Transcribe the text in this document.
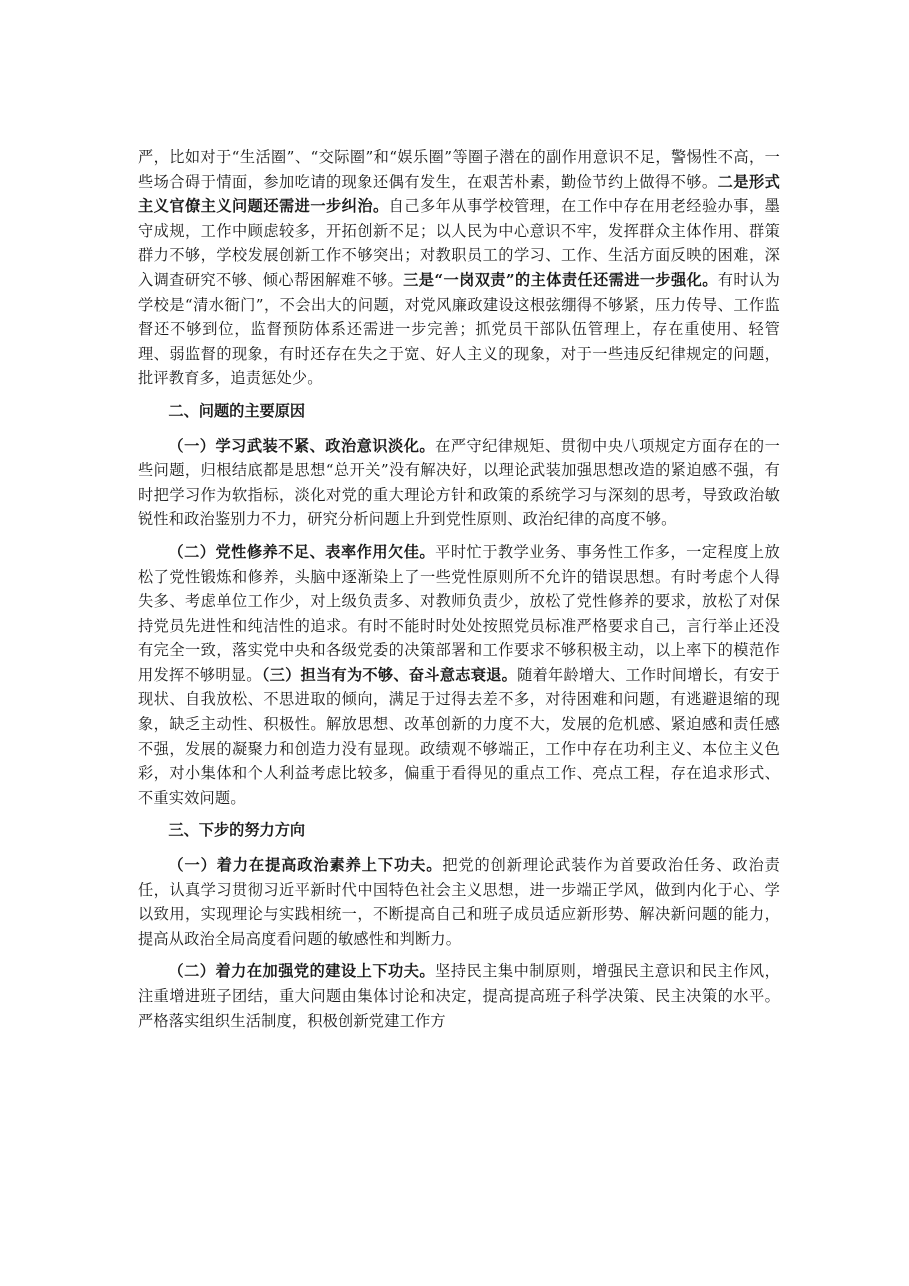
严，比如对于“生活圈”、“交际圈”和“娱乐圈”等圈子潜在的副作用意识不足，警惕性不高，一些场合碍于情面，参加吃请的现象还偶有发生，在艰苦朴素，勤俭节约上做得不够。二是形式主义官僚主义问题还需进一步纠治。自己多年从事学校管理，在工作中存在用老经验办事，墨守成规，工作中顾虑较多，开拓创新不足；以人民为中心意识不牢，发挥群众主体作用、群策群力不够，学校发展创新工作不够突出；对教职员工的学习、工作、生活方面反映的困难，深入调查研究不够、倾心帮困解难不够。三是“一岗双责”的主体责任还需进一步强化。有时认为学校是“清水衙门”，不会出大的问题，对党风廉政建设这根弦绷得不够紧，压力传导、工作监督还不够到位，监督预防体系还需进一步完善；抓党员干部队伍管理上，存在重使用、轻管理、弱监督的现象，有时还存在失之于宽、好人主义的现象，对于一些违反纪律规定的问题，批评教育多，追责惩处少。

二、问题的主要原因

（一）学习武装不紧、政治意识淡化。在严守纪律规矩、贯彻中央八项规定方面存在的一些问题，归根结底都是思想“总开关”没有解决好，以理论武装加强思想改造的紧迫感不强，有时把学习作为软指标，淡化对党的重大理论方针和政策的系统学习与深刻的思考，导致政治敏锐性和政治鉴别力不力，研究分析问题上升到党性原则、政治纪律的高度不够。

（二）党性修养不足、表率作用欠佳。平时忙于教学业务、事务性工作多，一定程度上放松了党性锻炼和修养，头脑中逐渐染上了一些党性原则所不允许的错误思想。有时考虑个人得失多、考虑单位工作少，对上级负责多、对教师负责少，放松了党性修养的要求，放松了对保持党员先进性和纯洁性的追求。有时不能时时处处按照党员标准严格要求自己，言行举止还没有完全一致，落实党中央和各级党委的决策部署和工作要求不够积极主动，以上率下的模范作用发挥不够明显。（三）担当有为不够、奋斗意志衰退。随着年龄增大、工作时间增长，有安于现状、自我放松、不思进取的倾向，满足于过得去差不多，对待困难和问题，有逃避退缩的现象，缺乏主动性、积极性。解放思想、改革创新的力度不大，发展的危机感、紧迫感和责任感不强，发展的凝聚力和创造力没有显现。政绩观不够端正，工作中存在功利主义、本位主义色彩，对小集体和个人利益考虑比较多，偏重于看得见的重点工作、亮点工程，存在追求形式、不重实效问题。

三、下步的努力方向

（一）着力在提高政治素养上下功夫。把党的创新理论武装作为首要政治任务、政治责任，认真学习贯彻习近平新时代中国特色社会主义思想，进一步端正学风，做到内化于心、学以致用，实现理论与实践相统一，不断提高自己和班子成员适应新形势、解决新问题的能力，提高从政治全局高度看问题的敏感性和判断力。

（二）着力在加强党的建设上下功夫。坚持民主集中制原则，增强民主意识和民主作风，注重增进班子团结，重大问题由集体讨论和决定，提高提高班子科学决策、民主决策的水平。严格落实组织生活制度，积极创新党建工作方
